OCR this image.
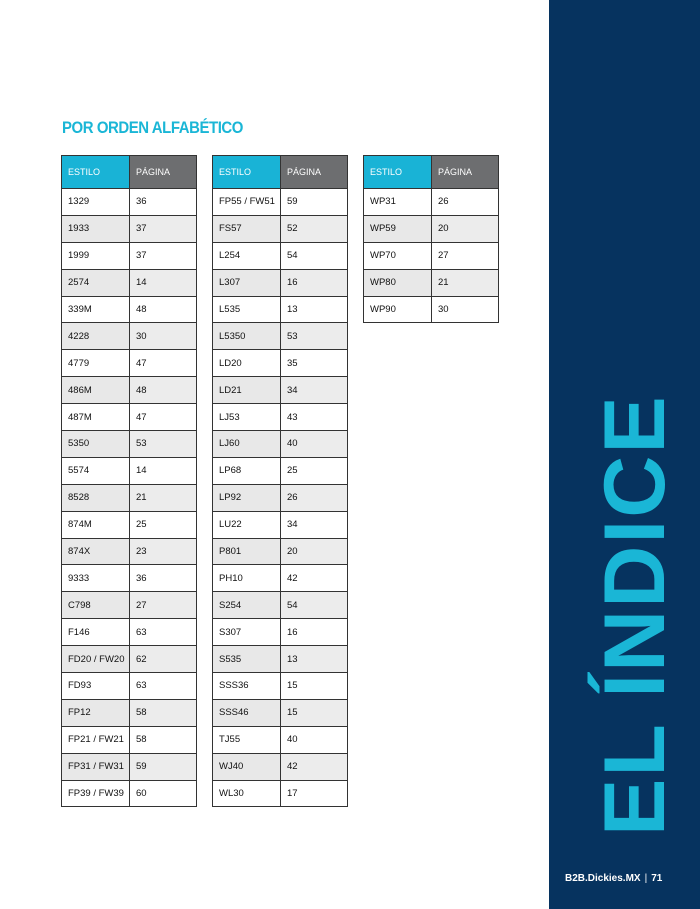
POR ORDEN ALFABÉTICO
ESTILO	PÁGINA
1329	36
1933	37
1999	37
2574	14
339M	48
4228	30
4779	47
486M	48
487M	47
5350	53
5574	14
8528	21
874M	25
874X	23
9333	36
C798	27
F146	63
FD20 / FW20	62
FD93	63
FP12	58
FP21 / FW21	58
FP31 / FW31	59
FP39 / FW39	60
ESTILO	PÁGINA
FP55 / FW51	59
FS57	52
L254	54
L307	16
L535	13
L5350	53
LD20	35
LD21	34
LJ53	43
LJ60	40
LP68	25
LP92	26
LU22	34
P801	20
PH10	42
S254	54
S307	16
S535	13
SSS36	15
SSS46	15
TJ55	40
WJ40	42
WL30	17
ESTILO	PÁGINA
WP31	26
WP59	20
WP70	27
WP80	21
WP90	30
EL ÍNDICE
B2B.Dickies.MX | 71
